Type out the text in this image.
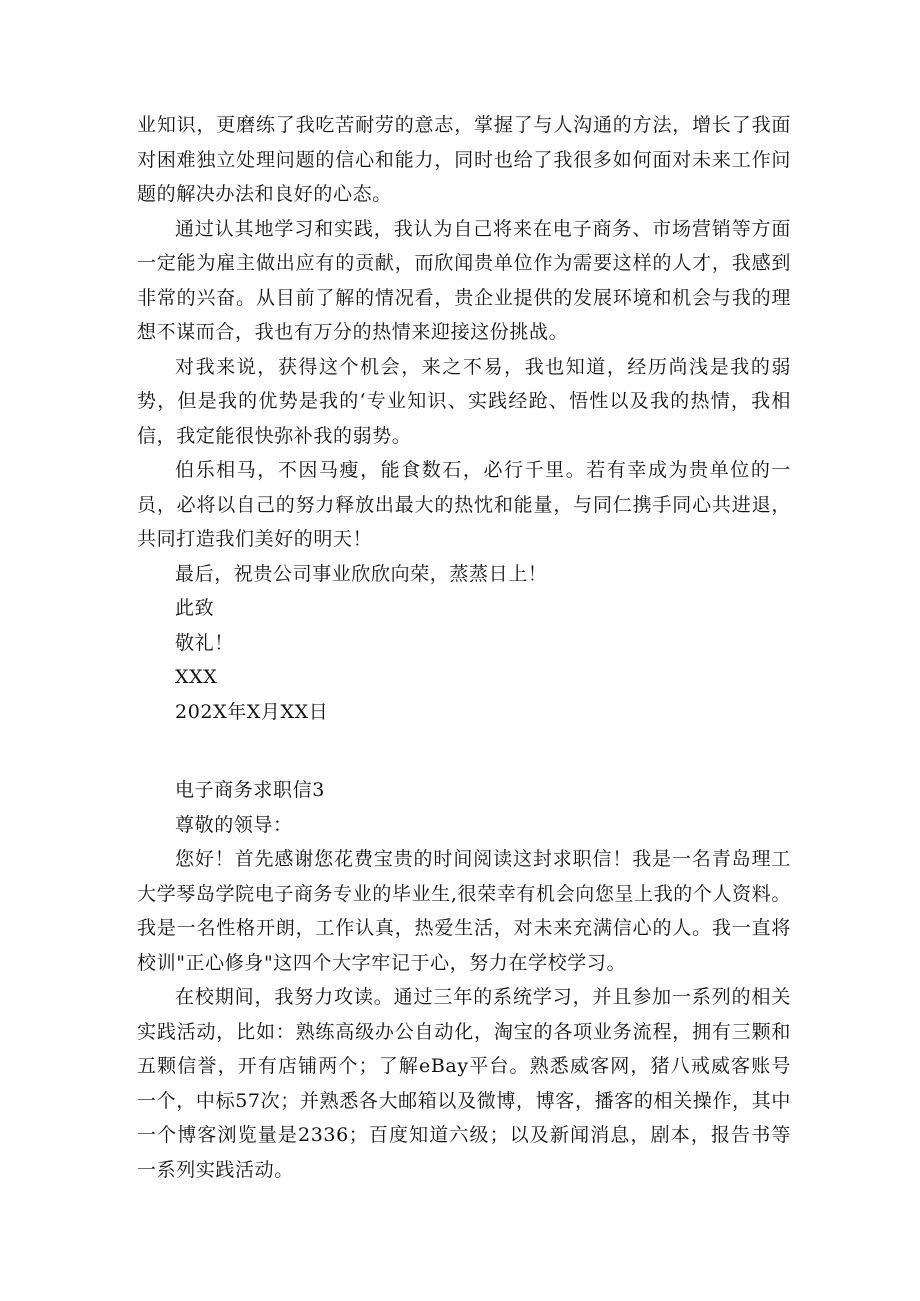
业知识，更磨练了我吃苦耐劳的意志，掌握了与人沟通的方法，增长了我面对困难独立处理问题的信心和能力，同时也给了我很多如何面对未来工作问题的解决办法和良好的心态。

通过认其地学习和实践，我认为自己将来在电子商务、市场营销等方面一定能为雇主做出应有的贡献，而欣闻贵单位作为需要这样的人才，我感到非常的兴奋。从目前了解的情况看，贵企业提供的发展环境和机会与我的理想不谋而合，我也有万分的热情来迎接这份挑战。

对我来说，获得这个机会，来之不易，我也知道，经历尚浅是我的弱势，但是我的优势是我的‘专业知识、实践经跄、悟性以及我的热情，我相信，我定能很快弥补我的弱势。

伯乐相马，不因马瘦，能食数石，必行千里。若有幸成为贵单位的一员，必将以自己的努力释放出最大的热忱和能量，与同仁携手同心共进退，共同打造我们美好的明天！

最后，祝贵公司事业欣欣向荣，蒸蒸日上！

此致

敬礼！

XXX

202X年X月XX日

电子商务求职信3

尊敬的领导：

您好！首先感谢您花费宝贵的时间阅读这封求职信！我是一名青岛理工大学琴岛学院电子商务专业的毕业生,很荣幸有机会向您呈上我的个人资料。我是一名性格开朗，工作认真，热爱生活，对未来充满信心的人。我一直将校训"正心修身"这四个大字牢记于心，努力在学校学习。

在校期间，我努力攻读。通过三年的系统学习，并且参加一系列的相关实践活动，比如：熟练高级办公自动化，淘宝的各项业务流程，拥有三颗和五颗信誉，开有店铺两个；了解eBay平台。熟悉威客网，猪八戒威客账号一个，中标57次；并熟悉各大邮箱以及微博，博客，播客的相关操作，其中一个博客浏览量是2336；百度知道六级；以及新闻消息，剧本，报告书等一系列实践活动。
